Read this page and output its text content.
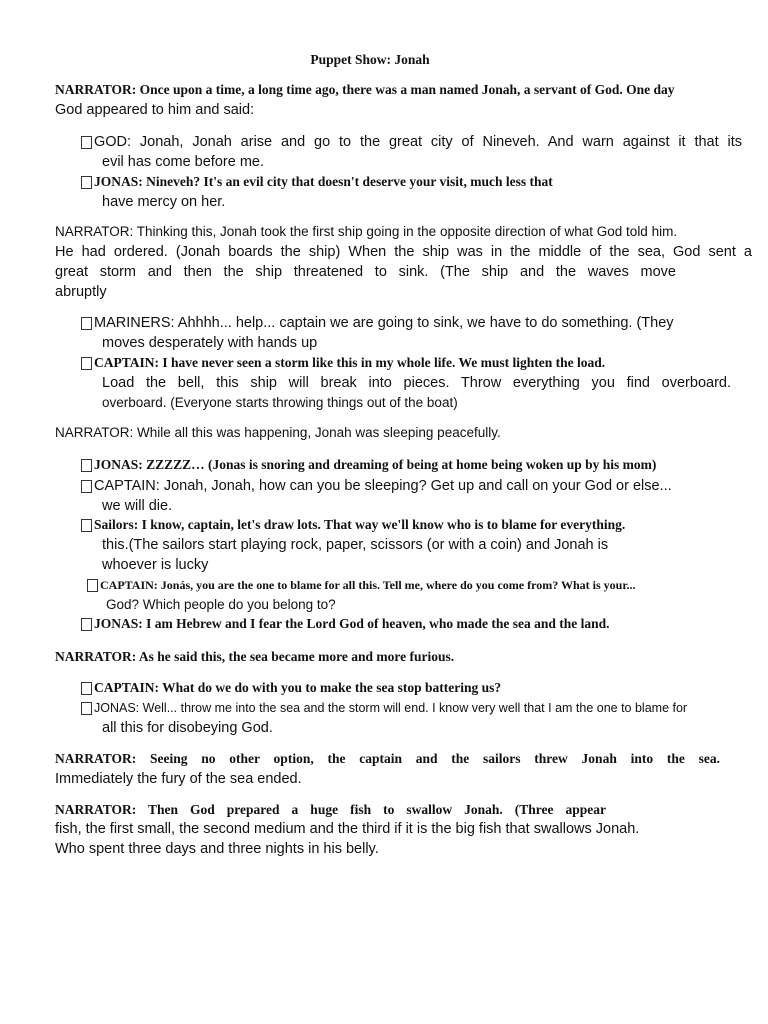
Puppet Show: Jonah
NARRATOR: Once upon a time, a long time ago, there was a man named Jonah, a servant of God. One day
God appeared to him and said:
GOD: Jonah, Jonah arise and go to the great city of Nineveh. And warn against it that its
evil has come before me.
JONAS: Nineveh? It's an evil city that doesn't deserve your visit, much less that
have mercy on her.
NARRATOR: Thinking this, Jonah took the first ship going in the opposite direction of what God told him.
He had ordered. (Jonah boards the ship) When the ship was in the middle of the sea, God sent a
great storm and then the ship threatened to sink. (The ship and the waves move
abruptly
MARINERS: Ahhhh... help... captain we are going to sink, we have to do something. (They
moves desperately with hands up
CAPTAIN: I have never seen a storm like this in my whole life. We must lighten the load.
Load the bell, this ship will break into pieces. Throw everything you find overboard.
overboard. (Everyone starts throwing things out of the boat)
NARRATOR: While all this was happening, Jonah was sleeping peacefully.
JONAS: ZZZZZ… (Jonas is snoring and dreaming of being at home being woken up by his mom)
CAPTAIN: Jonah, Jonah, how can you be sleeping? Get up and call on your God or else...
we will die.
Sailors: I know, captain, let's draw lots. That way we'll know who is to blame for everything.
this.(The sailors start playing rock, paper, scissors (or with a coin) and Jonah is
whoever is lucky
CAPTAIN: Jonás, you are the one to blame for all this. Tell me, where do you come from? What is your...
God? Which people do you belong to?
JONAS: I am Hebrew and I fear the Lord God of heaven, who made the sea and the land.
NARRATOR: As he said this, the sea became more and more furious.
CAPTAIN: What do we do with you to make the sea stop battering us?
JONAS: Well... throw me into the sea and the storm will end. I know very well that I am the one to blame for
all this for disobeying God.
NARRATOR: Seeing no other option, the captain and the sailors threw Jonah into the sea.
Immediately the fury of the sea ended.
NARRATOR: Then God prepared a huge fish to swallow Jonah. (Three appear
fish, the first small, the second medium and the third if it is the big fish that swallows Jonah.
Who spent three days and three nights in his belly.
